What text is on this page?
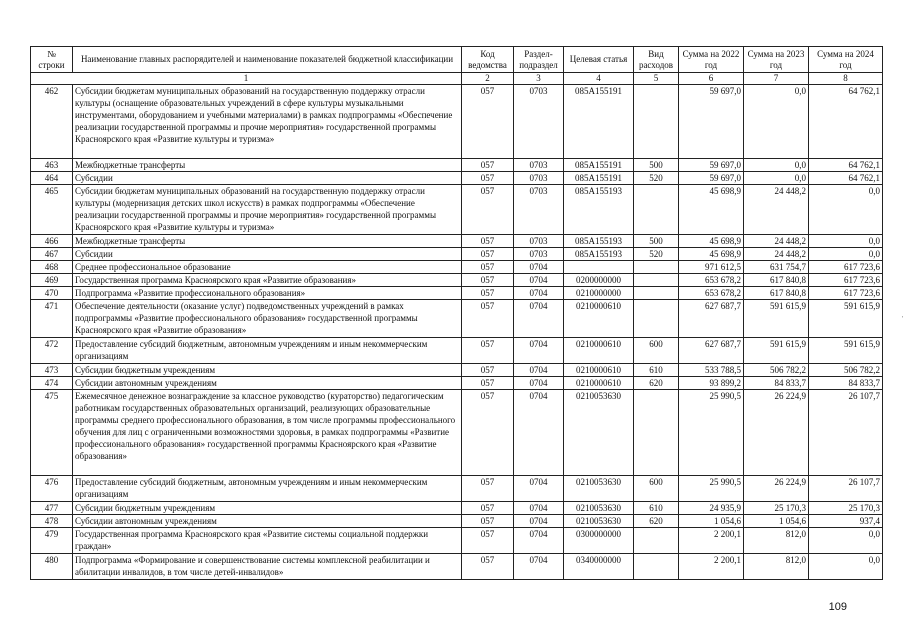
№ строки	Наименование главных распорядителей и наименование показателей бюджетной классификации	Код ведомства	Раздел-подраздел	Целевая статья	Вид расходов	Сумма на 2022 год	Сумма на 2023 год	Сумма на 2024 год
1		2	3	4	5	6	7	8
462	Субсидии бюджетам муниципальных образований на государственную поддержку отрасли культуры (оснащение образовательных учреждений в сфере культуры музыкальными инструментами, оборудованием и учебными материалами) в рамках подпрограммы «Обеспечение реализации государственной программы и прочие мероприятия» государственной программы Красноярского края «Развитие культуры и туризма»	057	0703	085A155191		59 697,0	0,0	64 762,1
463	Межбюджетные трансферты	057	0703	085A155191	500	59 697,0	0,0	64 762,1
464	Субсидии	057	0703	085A155191	520	59 697,0	0,0	64 762,1
465	Субсидии бюджетам муниципальных образований на государственную поддержку отрасли культуры (модернизация детских школ искусств) в рамках подпрограммы «Обеспечение реализации государственной программы и прочие мероприятия» государственной программы Красноярского края «Развитие культуры и туризма»	057	0703	085A155193		45 698,9	24 448,2	0,0
466	Межбюджетные трансферты	057	0703	085A155193	500	45 698,9	24 448,2	0,0
467	Субсидии	057	0703	085A155193	520	45 698,9	24 448,2	0,0
468	Среднее профессиональное образование	057	0704			971 612,5	631 754,7	617 723,6
469	Государственная программа Красноярского края «Развитие образования»	057	0704	0200000000		653 678,2	617 840,8	617 723,6
470	Подпрограмма «Развитие профессионального образования»	057	0704	0210000000		653 678,2	617 840,8	617 723,6
471	Обеспечение деятельности (оказание услуг) подведомственных учреждений в рамках подпрограммы «Развитие профессионального образования» государственной программы Красноярского края «Развитие образования»	057	0704	0210000610		627 687,7	591 615,9	591 615,9
472	Предоставление субсидий бюджетным, автономным учреждениям и иным некоммерческим организациям	057	0704	0210000610	600	627 687,7	591 615,9	591 615,9
473	Субсидии бюджетным учреждениям	057	0704	0210000610	610	533 788,5	506 782,2	506 782,2
474	Субсидии автономным учреждениям	057	0704	0210000610	620	93 899,2	84 833,7	84 833,7
475	Ежемесячное денежное вознаграждение за классное руководство (кураторство) педагогическим работникам государственных образовательных организаций, реализующих образовательные программы среднего профессионального образования, в том числе программы профессионального обучения для лиц с ограниченными возможностями здоровья, в рамках подпрограммы «Развитие профессионального образования» государственной программы Красноярского края «Развитие образования»	057	0704	0210053630		25 990,5	26 224,9	26 107,7
476	Предоставление субсидий бюджетным, автономным учреждениям и иным некоммерческим организациям	057	0704	0210053630	600	25 990,5	26 224,9	26 107,7
477	Субсидии бюджетным учреждениям	057	0704	0210053630	610	24 935,9	25 170,3	25 170,3
478	Субсидии автономным учреждениям	057	0704	0210053630	620	1 054,6	1 054,6	937,4
479	Государственная программа Красноярского края «Развитие системы социальной поддержки граждан»	057	0704	0300000000		2 200,1	812,0	0,0
480	Подпрограмма «Формирование и совершенствование системы комплексной реабилитации и абилитации инвалидов, в том числе детей-инвалидов»	057	0704	0340000000		2 200,1	812,0	0,0
109
'
